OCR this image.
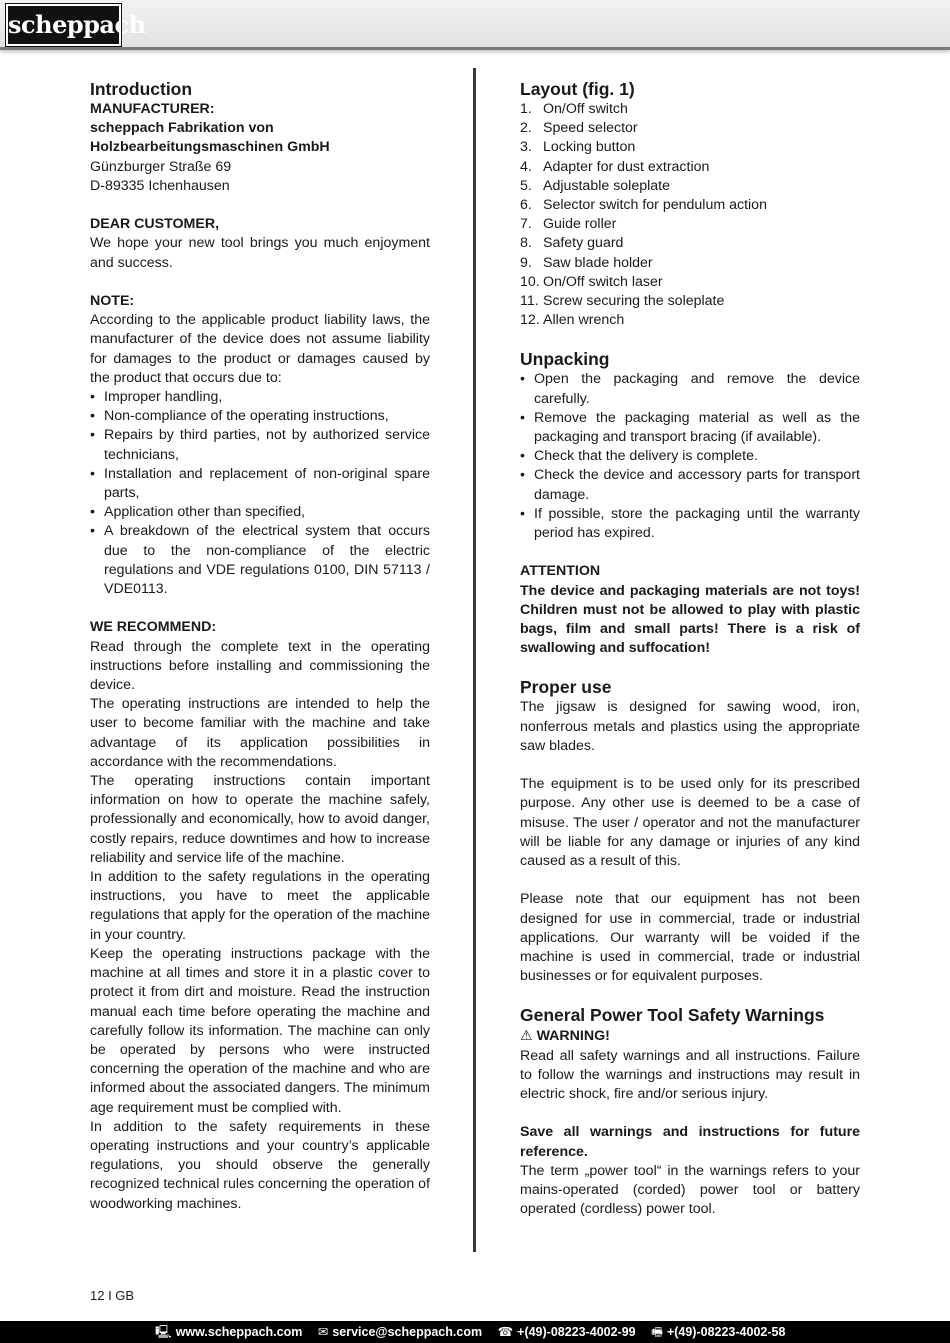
scheppach
Introduction
MANUFACTURER:
scheppach Fabrikation von
Holzbearbeitungsmaschinen GmbH
Günzburger Straße 69
D-89335 Ichenhausen
DEAR CUSTOMER,

We hope your new tool brings you much enjoyment and success.

NOTE:

According to the applicable product liability laws, the manufacturer of the device does not assume liability for damages to the product or damages caused by the product that occurs due to:

• Improper handling,
• Non-compliance of the operating instructions,
• Repairs by third parties, not by authorized service technicians,
• Installation and replacement of non-original spare parts,
• Application other than specified,
• A breakdown of the electrical system that occurs due to the non-compliance of the electric regulations and VDE regulations 0100, DIN 57113 / VDE0113.
WE RECOMMEND:

Read through the complete text in the operating instructions before installing and commissioning the device.

The operating instructions are intended to help the user to become familiar with the machine and take advantage of its application possibilities in accordance with the recommendations.

The operating instructions contain important information on how to operate the machine safely, professionally and economically, how to avoid danger, costly repairs, reduce downtimes and how to increase reliability and service life of the machine.

In addition to the safety regulations in the operating instructions, you have to meet the applicable regulations that apply for the operation of the machine in your country.

Keep the operating instructions package with the machine at all times and store it in a plastic cover to protect it from dirt and moisture. Read the instruction manual each time before operating the machine and carefully follow its information. The machine can only be operated by persons who were instructed concerning the operation of the machine and who are informed about the associated dangers. The minimum age requirement must be complied with.

In addition to the safety requirements in these operating instructions and your country’s applicable regulations, you should observe the generally recognized technical rules concerning the operation of woodworking machines.

Layout (fig. 1)
1. On/Off switch
2. Speed selector
3. Locking button
4. Adapter for dust extraction
5. Adjustable soleplate
6. Selector switch for pendulum action
7. Guide roller
8. Safety guard
9. Saw blade holder
10. On/Off switch laser
11. Screw securing the soleplate
12. Allen wrench
Unpacking
• Open the packaging and remove the device carefully.
• Remove the packaging material as well as the packaging and transport bracing (if available).
• Check that the delivery is complete.
• Check the device and accessory parts for transport damage.
• If possible, store the packaging until the warranty period has expired.
ATTENTION

The device and packaging materials are not toys! Children must not be allowed to play with plastic bags, film and small parts! There is a risk of swallowing and suffocation!

Proper use

The jigsaw is designed for sawing wood, iron, nonferrous metals and plastics using the appropriate saw blades.

The equipment is to be used only for its prescribed purpose. Any other use is deemed to be a case of misuse. The user / operator and not the manufacturer will be liable for any damage or injuries of any kind caused as a result of this.

Please note that our equipment has not been designed for use in commercial, trade or industrial applications. Our warranty will be voided if the machine is used in commercial, trade or industrial businesses or for equivalent purposes.

General Power Tool Safety Warnings
⚠ WARNING!

Read all safety warnings and all instructions. Failure to follow the warnings and instructions may result in electric shock, fire and/or serious injury.

Save all warnings and instructions for future reference.

The term „power tool“ in the warnings refers to your mains-operated (corded) power tool or battery operated (cordless) power tool.

12 I GB
🖳 www.scheppach.com ✉ service@scheppach.com ☎ +(49)-08223-4002-99 🖷 +(49)-08223-4002-58
